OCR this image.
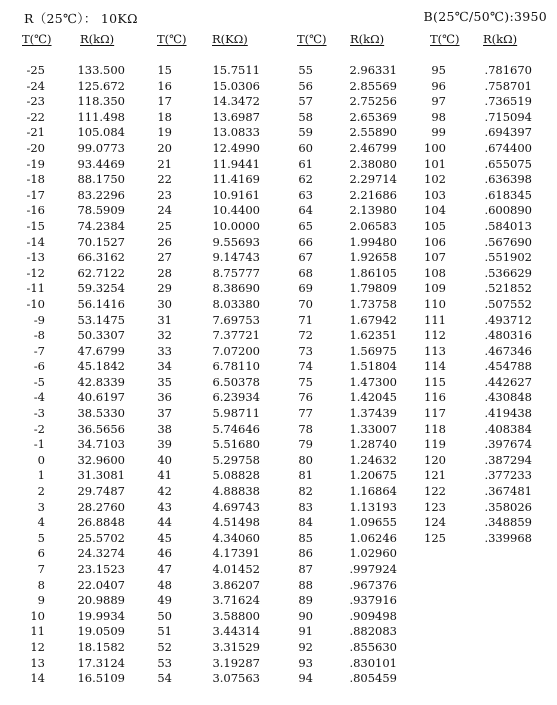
R（25℃）： 10KΩ	B(25℃/50℃):3950
T(℃) R(kΩ)	T(℃) R(KΩ)	T(℃) R(kΩ)	T(℃) R(kΩ)
-25	133.500
-24	125.672
-23	118.350
-22	111.498
-21	105.084
-20	99.0773
-19	93.4469
-18	88.1750
-17	83.2296
-16	78.5909
-15	74.2384
-14	70.1527
-13	66.3162
-12	62.7122
-11	59.3254
-10	56.1416
-9	53.1475
-8	50.3307
-7	47.6799
-6	45.1842
-5	42.8339
-4	40.6197
-3	38.5330
-2	36.5656
-1	34.7103
0	32.9600
1	31.3081
2	29.7487
3	28.2760
4	26.8848
5	25.5702
6	24.3274
7	23.1523
8	22.0407
9	20.9889
10	19.9934
11	19.0509
12	18.1582
13	17.3124
14	16.5109
15	15.7511
16	15.0306
17	14.3472
18	13.6987
19	13.0833
20	12.4990
21	11.9441
22	11.4169
23	10.9161
24	10.4400
25	10.0000
26	9.55693
27	9.14743
28	8.75777
29	8.38690
30	8.03380
31	7.69753
32	7.37721
33	7.07200
34	6.78110
35	6.50378
36	6.23934
37	5.98711
38	5.74646
39	5.51680
40	5.29758
41	5.08828
42	4.88838
43	4.69743
44	4.51498
45	4.34060
46	4.17391
47	4.01452
48	3.86207
49	3.71624
50	3.58800
51	3.44314
52	3.31529
53	3.19287
54	3.07563
55	2.96331
56	2.85569
57	2.75256
58	2.65369
59	2.55890
60	2.46799
61	2.38080
62	2.29714
63	2.21686
64	2.13980
65	2.06583
66	1.99480
67	1.92658
68	1.86105
69	1.79809
70	1.73758
71	1.67942
72	1.62351
73	1.56975
74	1.51804
75	1.47300
76	1.42045
77	1.37439
78	1.33007
79	1.28740
80	1.24632
81	1.20675
82	1.16864
83	1.13193
84	1.09655
85	1.06246
86	1.02960
87	.997924
88	.967376
89	.937916
90	.909498
91	.882083
92	.855630
93	.830101
94	.805459
95	.781670
96	.758701
97	.736519
98	.715094
99	.694397
100	.674400
101	.655075
102	.636398
103	.618345
104	.600890
105	.584013
106	.567690
107	.551902
108	.536629
109	.521852
110	.507552
111	.493712
112	.480316
113	.467346
114	.454788
115	.442627
116	.430848
117	.419438
118	.408384
119	.397674
120	.387294
121	.377233
122	.367481
123	.358026
124	.348859
125	.339968
